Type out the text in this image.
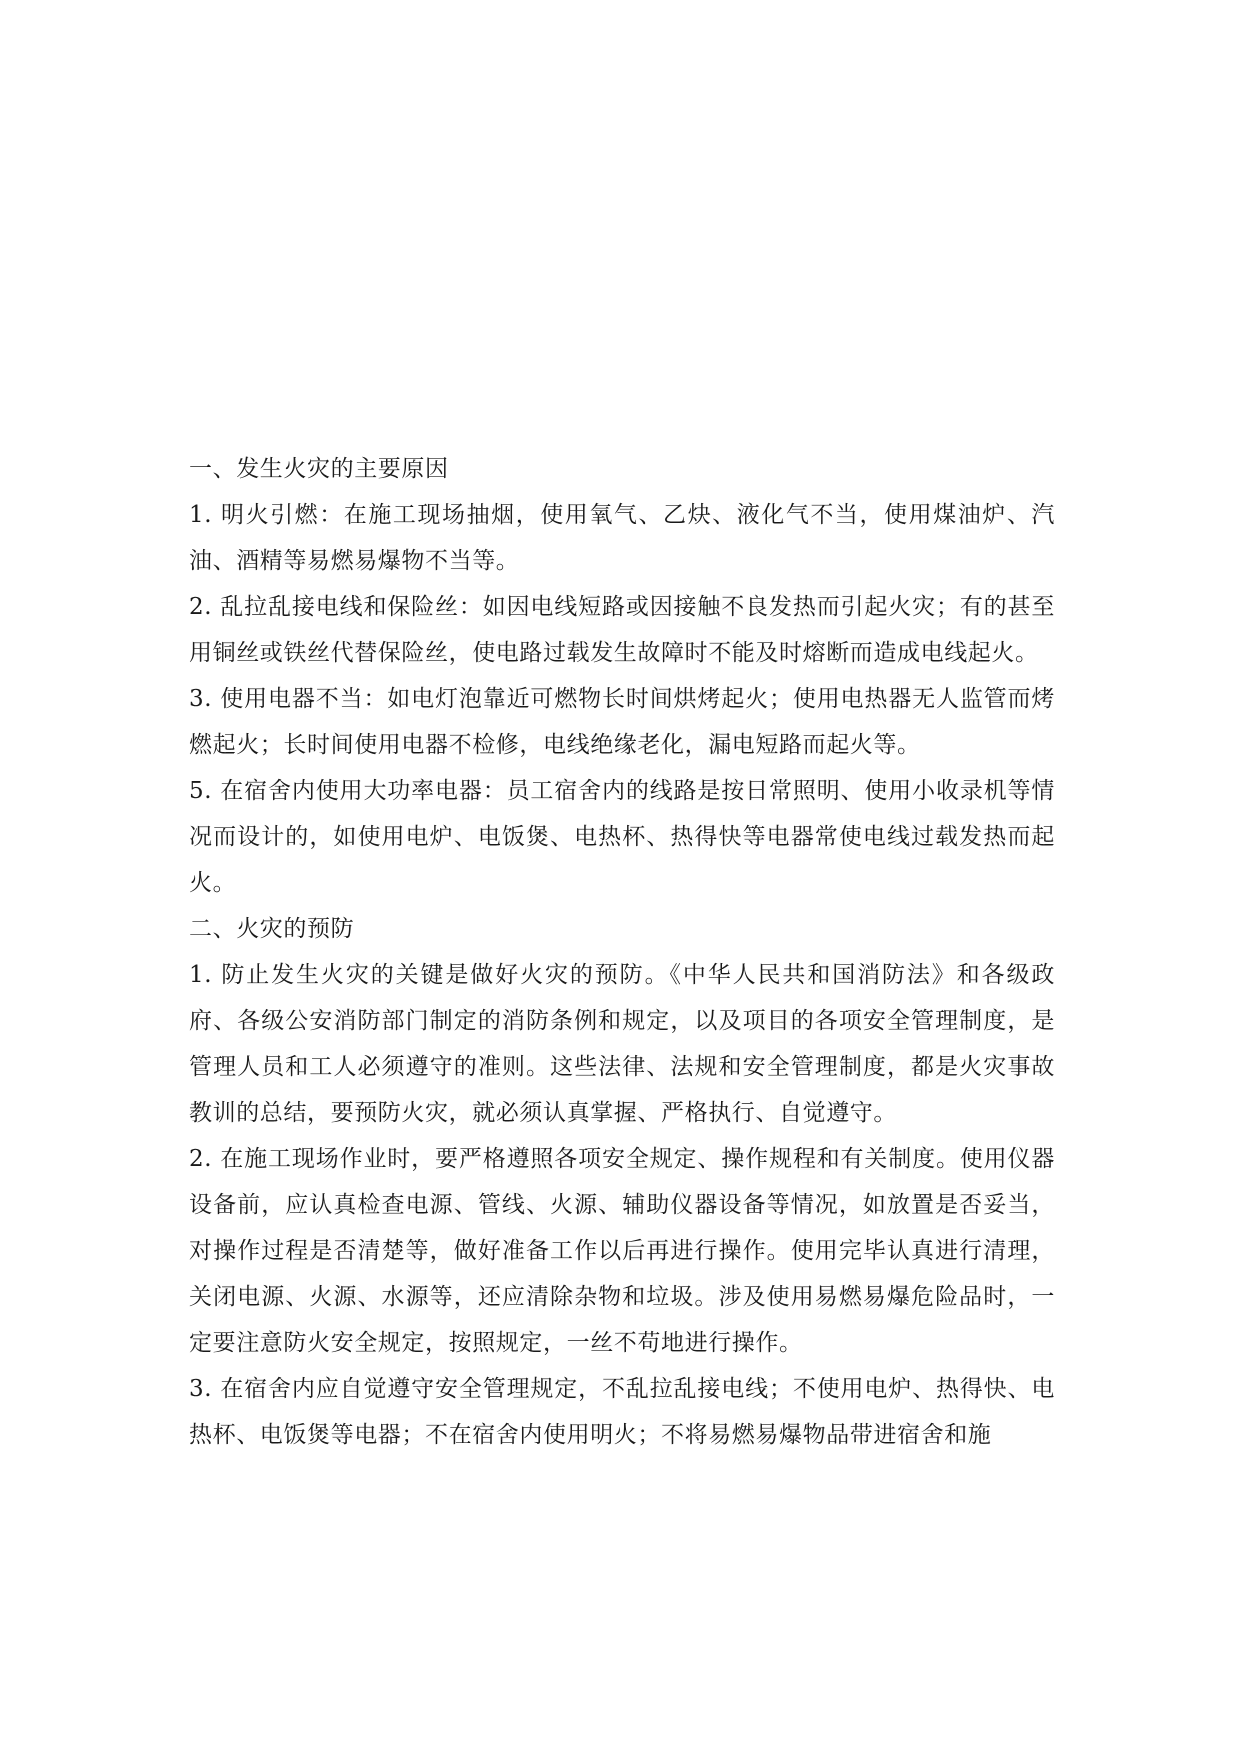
一、发生火灾的主要原因

1. 明火引燃：在施工现场抽烟，使用氧气、乙炔、液化气不当，使用煤油炉、汽油、酒精等易燃易爆物不当等。

2. 乱拉乱接电线和保险丝：如因电线短路或因接触不良发热而引起火灾；有的甚至用铜丝或铁丝代替保险丝，使电路过载发生故障时不能及时熔断而造成电线起火。

3. 使用电器不当：如电灯泡靠近可燃物长时间烘烤起火；使用电热器无人监管而烤燃起火；长时间使用电器不检修，电线绝缘老化，漏电短路而起火等。

5. 在宿舍内使用大功率电器：员工宿舍内的线路是按日常照明、使用小收录机等情况而设计的，如使用电炉、电饭煲、电热杯、热得快等电器常使电线过载发热而起火。

二、火灾的预防

1. 防止发生火灾的关键是做好火灾的预防。《中华人民共和国消防法》和各级政府、各级公安消防部门制定的消防条例和规定，以及项目的各项安全管理制度，是管理人员和工人必须遵守的准则。这些法律、法规和安全管理制度，都是火灾事故教训的总结，要预防火灾，就必须认真掌握、严格执行、自觉遵守。

2. 在施工现场作业时，要严格遵照各项安全规定、操作规程和有关制度。使用仪器设备前，应认真检查电源、管线、火源、辅助仪器设备等情况，如放置是否妥当，对操作过程是否清楚等，做好准备工作以后再进行操作。使用完毕认真进行清理，关闭电源、火源、水源等，还应清除杂物和垃圾。涉及使用易燃易爆危险品时，一定要注意防火安全规定，按照规定，一丝不苟地进行操作。

3. 在宿舍内应自觉遵守安全管理规定，不乱拉乱接电线；不使用电炉、热得快、电热杯、电饭煲等电器；不在宿舍内使用明火；不将易燃易爆物品带进宿舍和施
